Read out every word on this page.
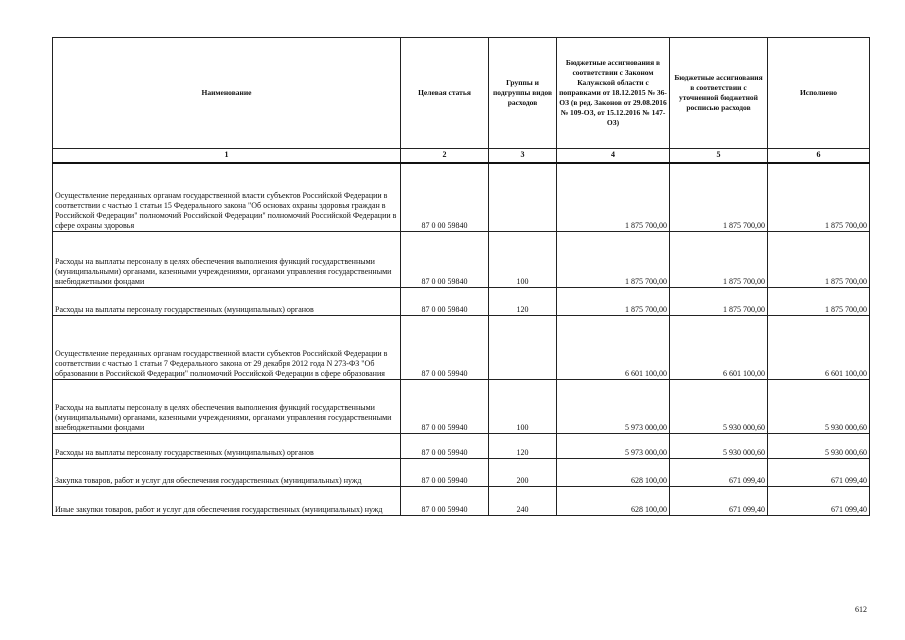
Наименование	Целевая статья	Группы и подгруппы видов расходов	Бюджетные ассигнования в соответствии с Законом Калужской области с поправками от 18.12.2015 № 36-ОЗ (в ред. Законов от 29.08.2016 № 109-ОЗ, от 15.12.2016 № 147-ОЗ)	Бюджетные ассигнования в соответствии с уточненной бюджетной росписью расходов	Исполнено
1	2	3	4	5	6
Осуществление переданных органам государственной власти субъектов Российской Федерации в соответствии с частью 1 статьи 15 Федерального закона "Об основах охраны здоровья граждан в Российской Федерации" полномочий Российской Федерации" полномочий Российской Федерации в сфере охраны здоровья	87 0 00 59840		1 875 700,00	1 875 700,00	1 875 700,00
Расходы на выплаты персоналу в целях обеспечения выполнения функций государственными (муниципальными) органами, казенными учреждениями, органами управления государственными внебюджетными фондами	87 0 00 59840	100	1 875 700,00	1 875 700,00	1 875 700,00
Расходы на выплаты персоналу государственных (муниципальных) органов	87 0 00 59840	120	1 875 700,00	1 875 700,00	1 875 700,00
Осуществление переданных органам государственной власти субъектов Российской Федерации в соответствии с частью 1 статьи 7 Федерального закона от 29 декабря 2012 года N 273-ФЗ "Об образовании в Российской Федерации" полномочий Российской Федерации в сфере образования	87 0 00 59940		6 601 100,00	6 601 100,00	6 601 100,00
Расходы на выплаты персоналу в целях обеспечения выполнения функций государственными (муниципальными) органами, казенными учреждениями, органами управления государственными внебюджетными фондами	87 0 00 59940	100	5 973 000,00	5 930 000,60	5 930 000,60
Расходы на выплаты персоналу государственных (муниципальных) органов	87 0 00 59940	120	5 973 000,00	5 930 000,60	5 930 000,60
Закупка товаров, работ и услуг для обеспечения государственных (муниципальных) нужд	87 0 00 59940	200	628 100,00	671 099,40	671 099,40
Иные закупки товаров, работ и услуг для обеспечения государственных (муниципальных) нужд	87 0 00 59940	240	628 100,00	671 099,40	671 099,40
612
